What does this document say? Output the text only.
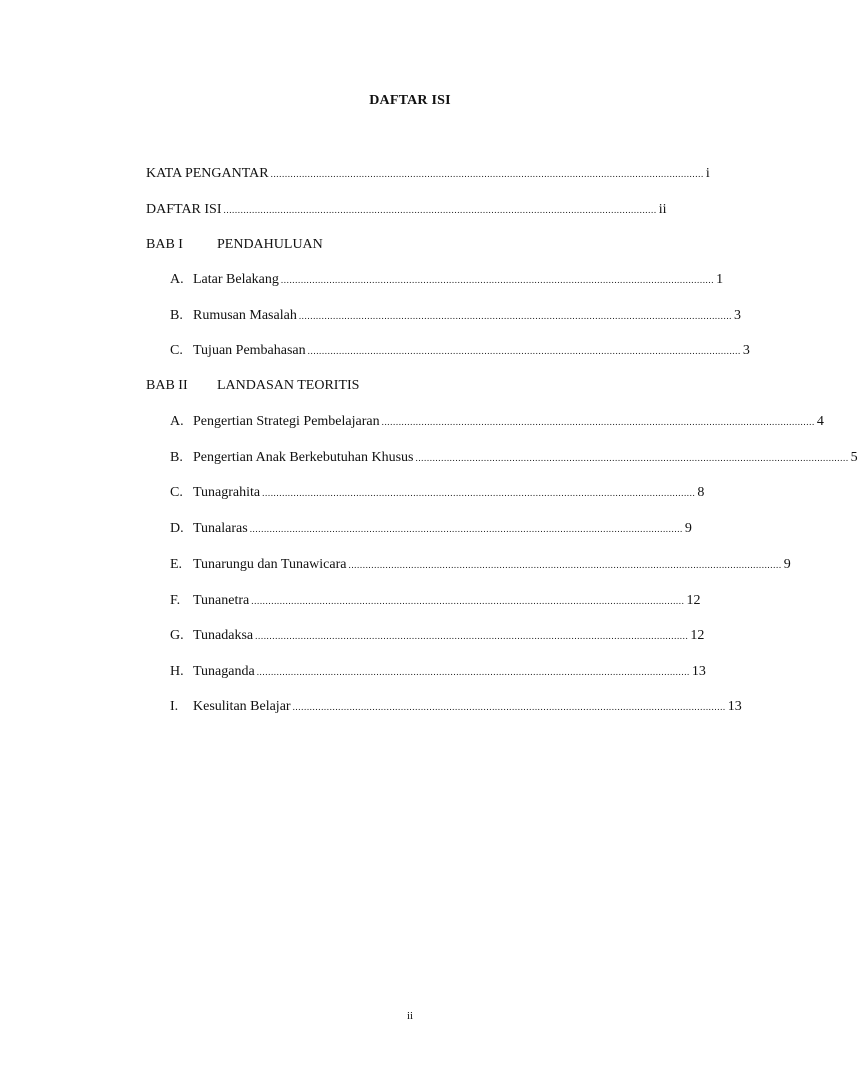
DAFTAR ISI
KATA PENGANTAR ........................................................................................................................................................ i
DAFTAR ISI ........................................................................................................................................................ ii
BAB I PENDAHULUAN
A. Latar Belakang ........................................................................................................................................................ 1
B. Rumusan Masalah ........................................................................................................................................................ 3
C. Tujuan Pembahasan ........................................................................................................................................................ 3
BAB II LANDASAN TEORITIS
A. Pengertian Strategi Pembelajaran ........................................................................................................................................................ 4
B. Pengertian Anak Berkebutuhan Khusus ........................................................................................................................................................ 5
C. Tunagrahita ........................................................................................................................................................ 8
D. Tunalaras ........................................................................................................................................................ 9
E. Tunarungu dan Tunawicara ........................................................................................................................................................ 9
F. Tunanetra ........................................................................................................................................................ 12
G. Tunadaksa ........................................................................................................................................................ 12
H. Tunaganda ........................................................................................................................................................ 13
I.	Kesulitan Belajar ........................................................................................................................................................ 13
ii
